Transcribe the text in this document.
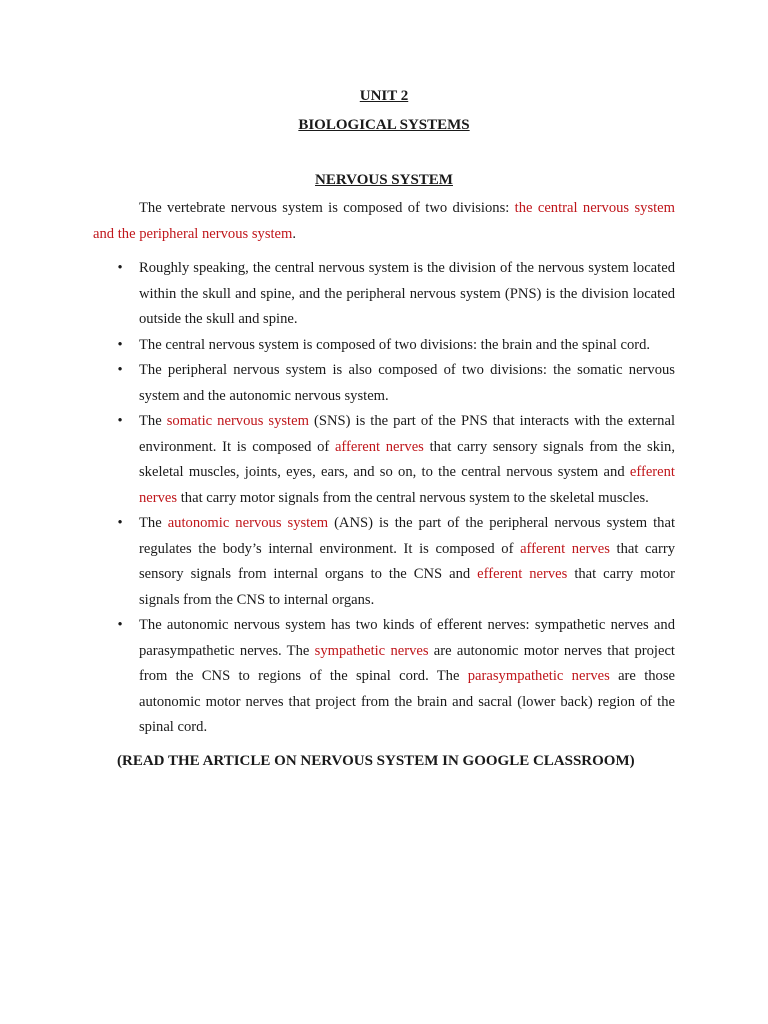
UNIT 2
BIOLOGICAL SYSTEMS
NERVOUS SYSTEM

The vertebrate nervous system is composed of two divisions: the central nervous system and the peripheral nervous system.

• Roughly speaking, the central nervous system is the division of the nervous system located within the skull and spine, and the peripheral nervous system (PNS) is the division located outside the skull and spine.
• The central nervous system is composed of two divisions: the brain and the spinal cord.
• The peripheral nervous system is also composed of two divisions: the somatic nervous system and the autonomic nervous system.
• The somatic nervous system (SNS) is the part of the PNS that interacts with the external environment. It is composed of afferent nerves that carry sensory signals from the skin, skeletal muscles, joints, eyes, ears, and so on, to the central nervous system and efferent nerves that carry motor signals from the central nervous system to the skeletal muscles.
• The autonomic nervous system (ANS) is the part of the peripheral nervous system that regulates the body’s internal environment. It is composed of afferent nerves that carry sensory signals from internal organs to the CNS and efferent nerves that carry motor signals from the CNS to internal organs.
• The autonomic nervous system has two kinds of efferent nerves: sympathetic nerves and parasympathetic nerves. The sympathetic nerves are autonomic motor nerves that project from the CNS to regions of the spinal cord. The parasympathetic nerves are those autonomic motor nerves that project from the brain and sacral (lower back) region of the spinal cord.
(READ THE ARTICLE ON NERVOUS SYSTEM IN GOOGLE CLASSROOM)
